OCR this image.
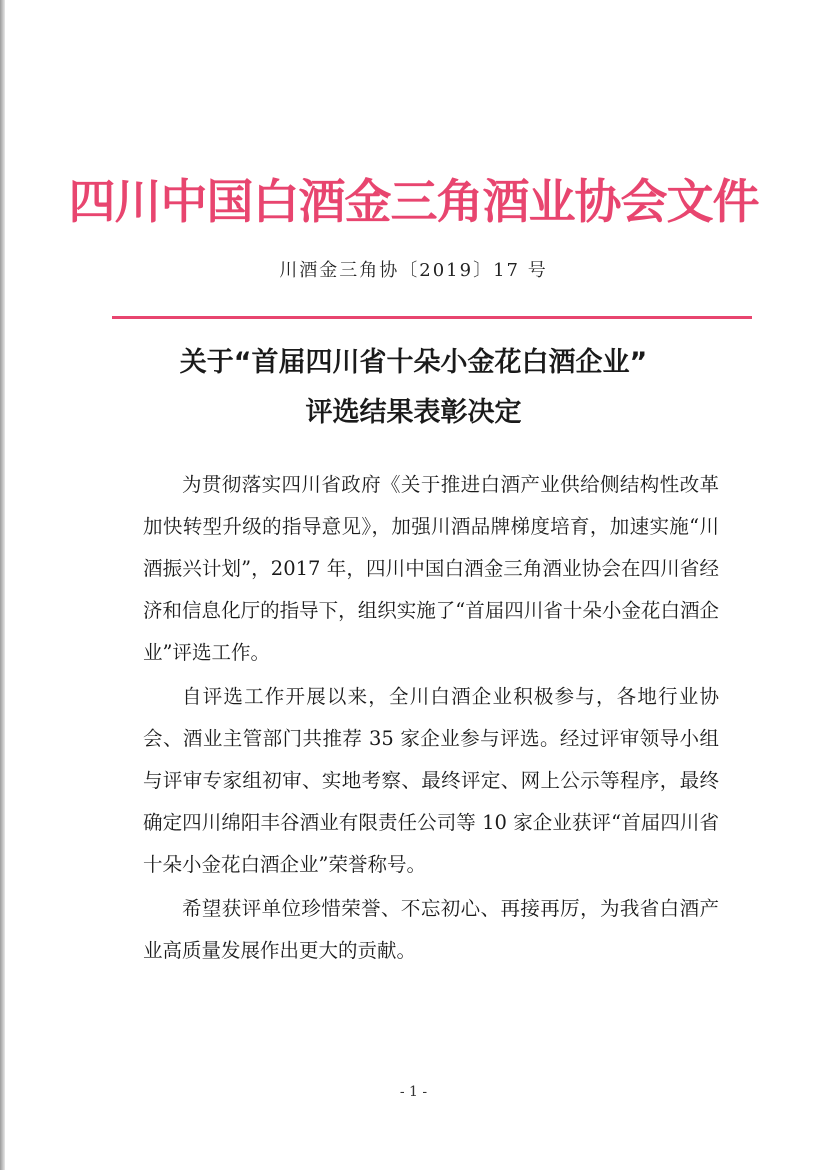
四川中国白酒金三角酒业协会文件
川酒金三角协〔2019〕17 号
关于“首届四川省十朵小金花白酒企业”
评选结果表彰决定

为贯彻落实四川省政府《关于推进白酒产业供给侧结构性改革加快转型升级的指导意见》，加强川酒品牌梯度培育，加速实施“川酒振兴计划”，2017 年，四川中国白酒金三角酒业协会在四川省经济和信息化厅的指导下，组织实施了“首届四川省十朵小金花白酒企业”评选工作。

自评选工作开展以来，全川白酒企业积极参与，各地行业协会、酒业主管部门共推荐 35 家企业参与评选。经过评审领导小组与评审专家组初审、实地考察、最终评定、网上公示等程序，最终确定四川绵阳丰谷酒业有限责任公司等 10 家企业获评“首届四川省十朵小金花白酒企业”荣誉称号。

希望获评单位珍惜荣誉、不忘初心、再接再厉，为我省白酒产业高质量发展作出更大的贡献。

- 1 -
